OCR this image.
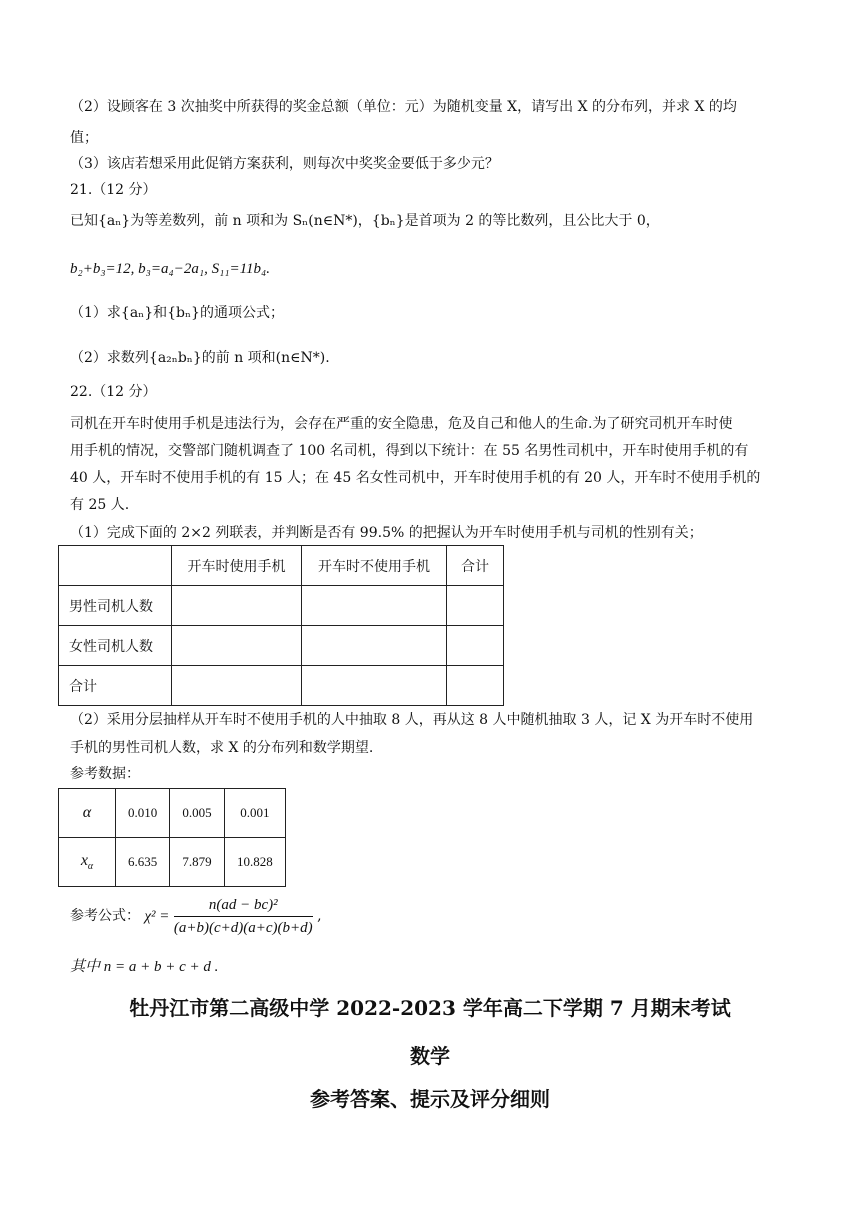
（2）设顾客在 3 次抽奖中所获得的奖金总额（单位：元）为随机变量 X，请写出 X 的分布列，并求 X 的均
值；
（3）该店若想采用此促销方案获利，则每次中奖奖金要低于多少元？
21.（12 分）
已知{aₙ}为等差数列，前 n 项和为 Sₙ(n∈N*)，{bₙ}是首项为 2 的等比数列，且公比大于 0，
b₂+b₃=12, b₃=a₄−2a₁, S₁₁=11b₄.
（1）求{aₙ}和{bₙ}的通项公式；
（2）求数列{a₂ₙbₙ}的前 n 项和(n∈N*).
22.（12 分）
司机在开车时使用手机是违法行为，会存在严重的安全隐患，危及自己和他人的生命.为了研究司机开车时使
用手机的情况，交警部门随机调查了 100 名司机，得到以下统计：在 55 名男性司机中，开车时使用手机的有
40 人，开车时不使用手机的有 15 人；在 45 名女性司机中，开车时使用手机的有 20 人，开车时不使用手机的
有 25 人.
（1）完成下面的 2×2 列联表，并判断是否有 99.5% 的把握认为开车时使用手机与司机的性别有关；
	开车时使用手机	开车时不使用手机	合计
男性司机人数			
女性司机人数			
合计			
（2）采用分层抽样从开车时不使用手机的人中抽取 8 人，再从这 8 人中随机抽取 3 人，记 X 为开车时不使用
手机的男性司机人数，求 X 的分布列和数学期望.
参考数据：
α	0.010	0.005	0.001
$x_\alpha$	6.635	7.879	10.828
参考公式： $\chi^2 = \frac{\text{n(ad − bc)²}}{(a+b)(c+d)(a+c)(b+d)}$ ,
其中 n = a + b + c + d .
牡丹江市第二高级中学 2022-2023 学年高二下学期 7 月期末考试
数学
参考答案、提示及评分细则
